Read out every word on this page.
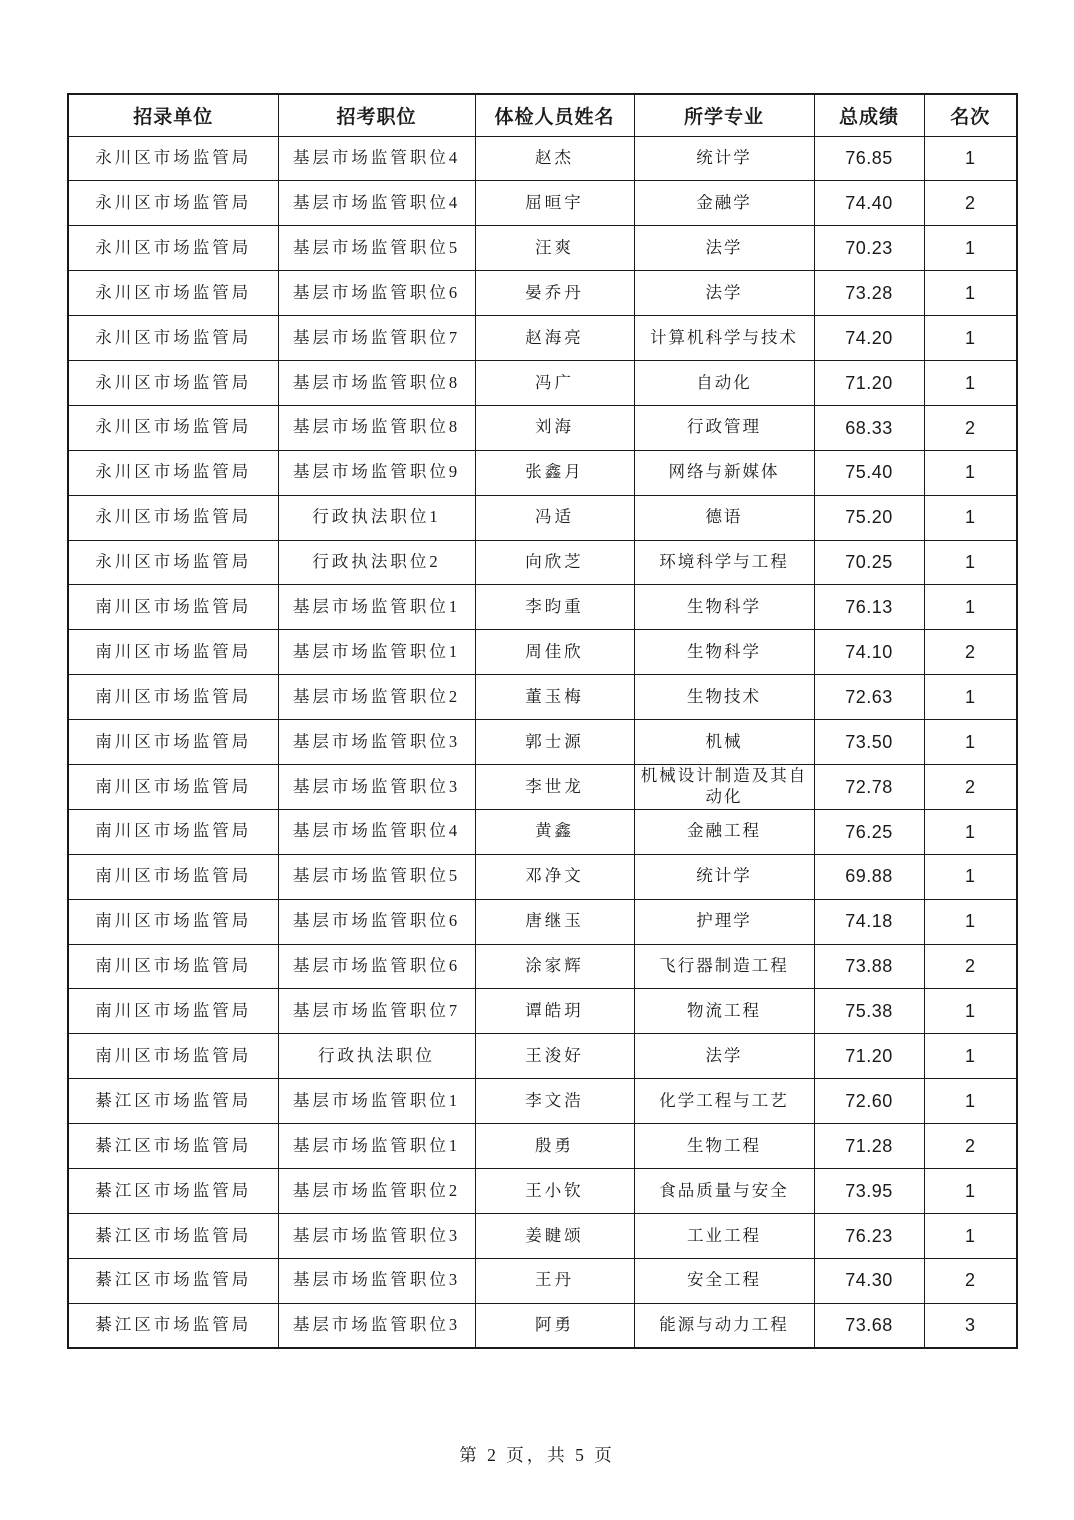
招录单位	招考职位	体检人员姓名	所学专业	总成绩	名次
永川区市场监管局	基层市场监管职位4	赵杰	统计学	76.85	1
永川区市场监管局	基层市场监管职位4	屈晅宇	金融学	74.40	2
永川区市场监管局	基层市场监管职位5	汪爽	法学	70.23	1
永川区市场监管局	基层市场监管职位6	晏乔丹	法学	73.28	1
永川区市场监管局	基层市场监管职位7	赵海亮	计算机科学与技术	74.20	1
永川区市场监管局	基层市场监管职位8	冯广	自动化	71.20	1
永川区市场监管局	基层市场监管职位8	刘海	行政管理	68.33	2
永川区市场监管局	基层市场监管职位9	张鑫月	网络与新媒体	75.40	1
永川区市场监管局	行政执法职位1	冯适	德语	75.20	1
永川区市场监管局	行政执法职位2	向欣芝	环境科学与工程	70.25	1
南川区市场监管局	基层市场监管职位1	李昀重	生物科学	76.13	1
南川区市场监管局	基层市场监管职位1	周佳欣	生物科学	74.10	2
南川区市场监管局	基层市场监管职位2	董玉梅	生物技术	72.63	1
南川区市场监管局	基层市场监管职位3	郭士源	机械	73.50	1
南川区市场监管局	基层市场监管职位3	李世龙	机械设计制造及其自动化	72.78	2
南川区市场监管局	基层市场监管职位4	黄鑫	金融工程	76.25	1
南川区市场监管局	基层市场监管职位5	邓净文	统计学	69.88	1
南川区市场监管局	基层市场监管职位6	唐继玉	护理学	74.18	1
南川区市场监管局	基层市场监管职位6	涂家辉	飞行器制造工程	73.88	2
南川区市场监管局	基层市场监管职位7	谭皓玥	物流工程	75.38	1
南川区市场监管局	行政执法职位	王浚好	法学	71.20	1
綦江区市场监管局	基层市场监管职位1	李文浩	化学工程与工艺	72.60	1
綦江区市场监管局	基层市场监管职位1	殷勇	生物工程	71.28	2
綦江区市场监管局	基层市场监管职位2	王小钦	食品质量与安全	73.95	1
綦江区市场监管局	基层市场监管职位3	姜睷颂	工业工程	76.23	1
綦江区市场监管局	基层市场监管职位3	王丹	安全工程	74.30	2
綦江区市场监管局	基层市场监管职位3	阿勇	能源与动力工程	73.68	3
第 2 页，共 5 页
